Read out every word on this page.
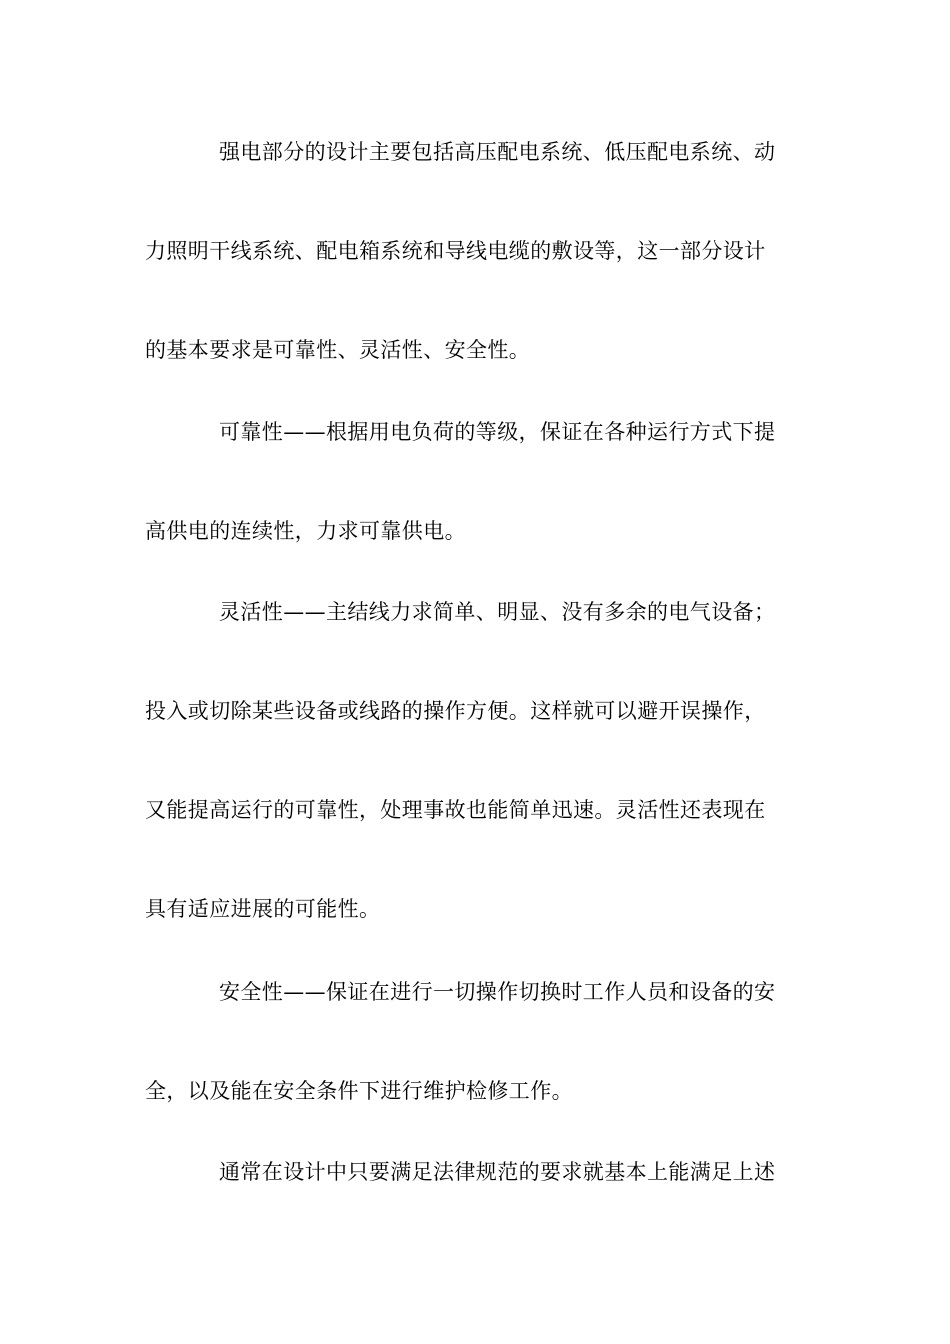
强电部分的设计主要包括高压配电系统、低压配电系统、动
力照明干线系统、配电箱系统和导线电缆的敷设等，这一部分设计
的基本要求是可靠性、灵活性、安全性。
可靠性——根据用电负荷的等级，保证在各种运行方式下提
高供电的连续性，力求可靠供电。
灵活性——主结线力求简单、明显、没有多余的电气设备；
投入或切除某些设备或线路的操作方便。这样就可以避开误操作，
又能提高运行的可靠性，处理事故也能简单迅速。灵活性还表现在
具有适应进展的可能性。
安全性——保证在进行一切操作切换时工作人员和设备的安
全，以及能在安全条件下进行维护检修工作。
通常在设计中只要满足法律规范的要求就基本上能满足上述
